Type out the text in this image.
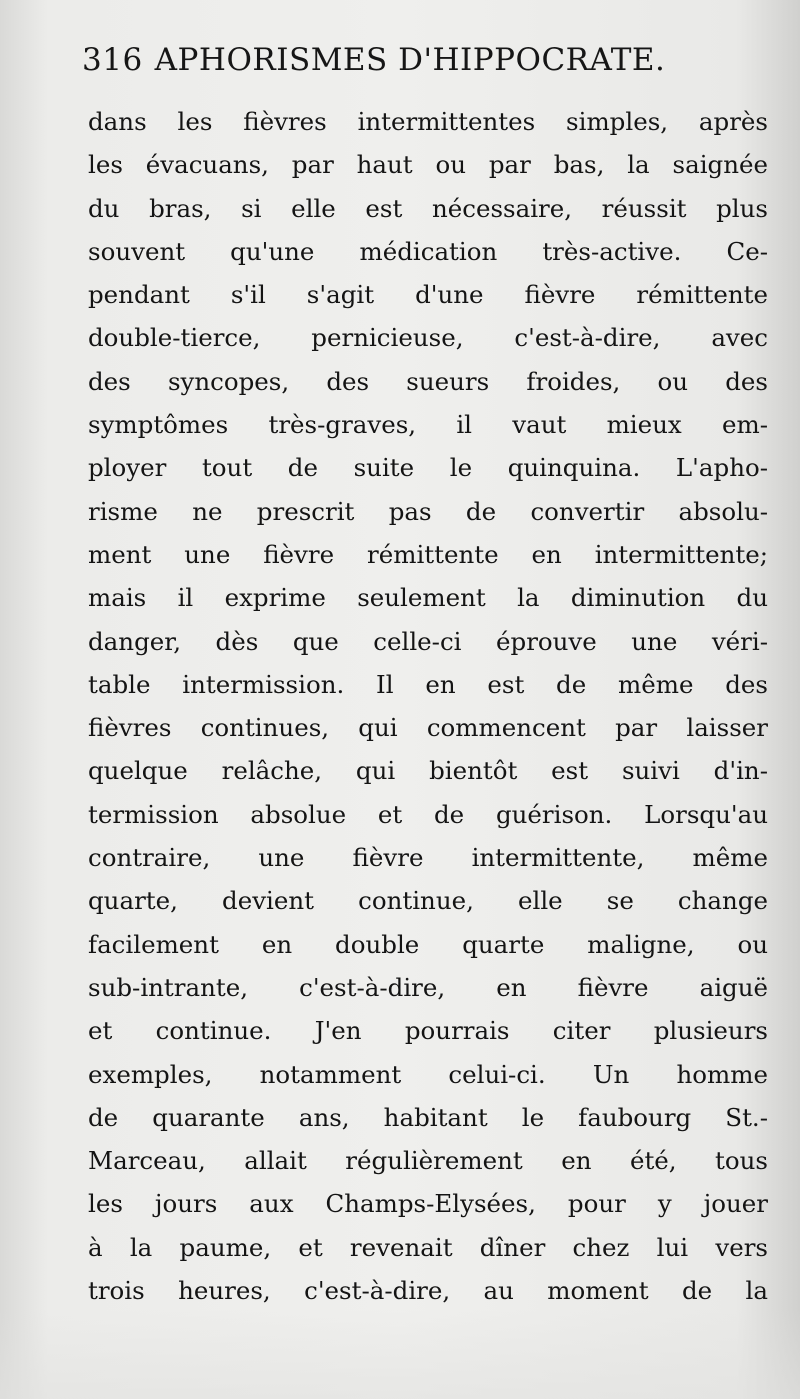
316 APHORISMES D'HIPPOCRATE.
dans les fièvres intermittentes simples, après
les évacuans, par haut ou par bas, la saignée
du bras, si elle est nécessaire, réussit plus
souvent qu'une médication très-active. Ce-
pendant s'il s'agit d'une fièvre rémittente
double-tierce, pernicieuse, c'est-à-dire, avec
des syncopes, des sueurs froides, ou des
symptômes très-graves, il vaut mieux em-
ployer tout de suite le quinquina. L'apho-
risme ne prescrit pas de convertir absolu-
ment une fièvre rémittente en intermittente;
mais il exprime seulement la diminution du
danger, dès que celle-ci éprouve une véri-
table intermission. Il en est de même des
fièvres continues, qui commencent par laisser
quelque relâche, qui bientôt est suivi d'in-
termission absolue et de guérison. Lorsqu'au
contraire, une fièvre intermittente, même
quarte, devient continue, elle se change
facilement en double quarte maligne, ou
sub-intrante, c'est-à-dire, en fièvre aiguë
et continue. J'en pourrais citer plusieurs
exemples, notamment celui-ci. Un homme
de quarante ans, habitant le faubourg St.-
Marceau, allait régulièrement en été, tous
les jours aux Champs-Elysées, pour y jouer
à la paume, et revenait dîner chez lui vers
trois heures, c'est-à-dire, au moment de la
